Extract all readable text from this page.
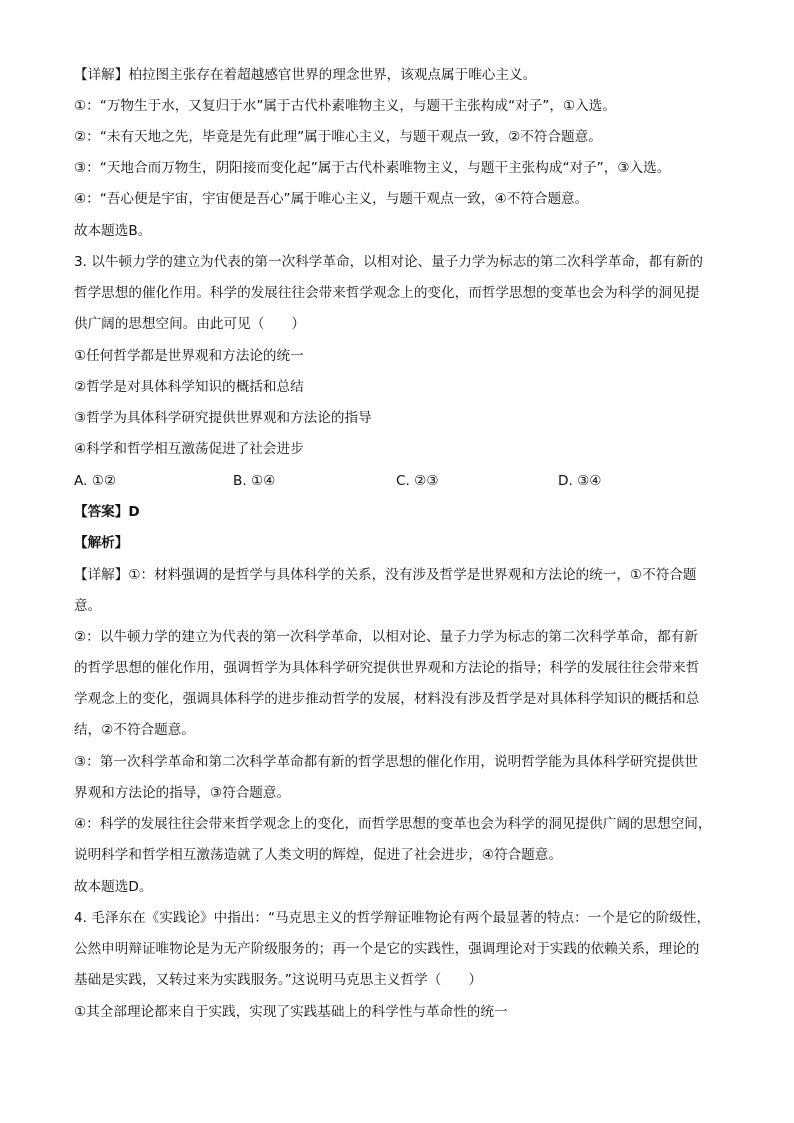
【详解】柏拉图主张存在着超越感官世界的理念世界，该观点属于唯心主义。
①：“万物生于水，又复归于水”属于古代朴素唯物主义，与题干主张构成“对子”，①入选。
②：“未有天地之先，毕竟是先有此理”属于唯心主义，与题干观点一致，②不符合题意。
③：“天地合而万物生，阴阳接而变化起”属于古代朴素唯物主义，与题干主张构成“对子”，③入选。
④：“吾心便是宇宙，宇宙便是吾心”属于唯心主义，与题干观点一致，④不符合题意。
故本题选B。
3. 以牛顿力学的建立为代表的第一次科学革命，以相对论、量子力学为标志的第二次科学革命，都有新的
哲学思想的催化作用。科学的发展往往会带来哲学观念上的变化，而哲学思想的变革也会为科学的洞见提
供广阔的思想空间。由此可见（　　）
①任何哲学都是世界观和方法论的统一
②哲学是对具体科学知识的概括和总结
③哲学为具体科学研究提供世界观和方法论的指导
④科学和哲学相互激荡促进了社会进步
A. ①②	B. ①④	C. ②③	D. ③④
【答案】D
【解析】
【详解】①：材料强调的是哲学与具体科学的关系，没有涉及哲学是世界观和方法论的统一，①不符合题
意。
②：以牛顿力学的建立为代表的第一次科学革命，以相对论、量子力学为标志的第二次科学革命，都有新
的哲学思想的催化作用，强调哲学为具体科学研究提供世界观和方法论的指导；科学的发展往往会带来哲
学观念上的变化，强调具体科学的进步推动哲学的发展，材料没有涉及哲学是对具体科学知识的概括和总
结，②不符合题意。
③：第一次科学革命和第二次科学革命都有新的哲学思想的催化作用，说明哲学能为具体科学研究提供世
界观和方法论的指导，③符合题意。
④：科学的发展往往会带来哲学观念上的变化，而哲学思想的变革也会为科学的洞见提供广阔的思想空间，
说明科学和哲学相互激荡造就了人类文明的辉煌，促进了社会进步，④符合题意。
故本题选D。
4. 毛泽东在《实践论》中指出：“马克思主义的哲学辩证唯物论有两个最显著的特点：一个是它的阶级性，
公然申明辩证唯物论是为无产阶级服务的；再一个是它的实践性，强调理论对于实践的依赖关系，理论的
基础是实践，又转过来为实践服务。”这说明马克思主义哲学（　　）
①其全部理论都来自于实践，实现了实践基础上的科学性与革命性的统一
